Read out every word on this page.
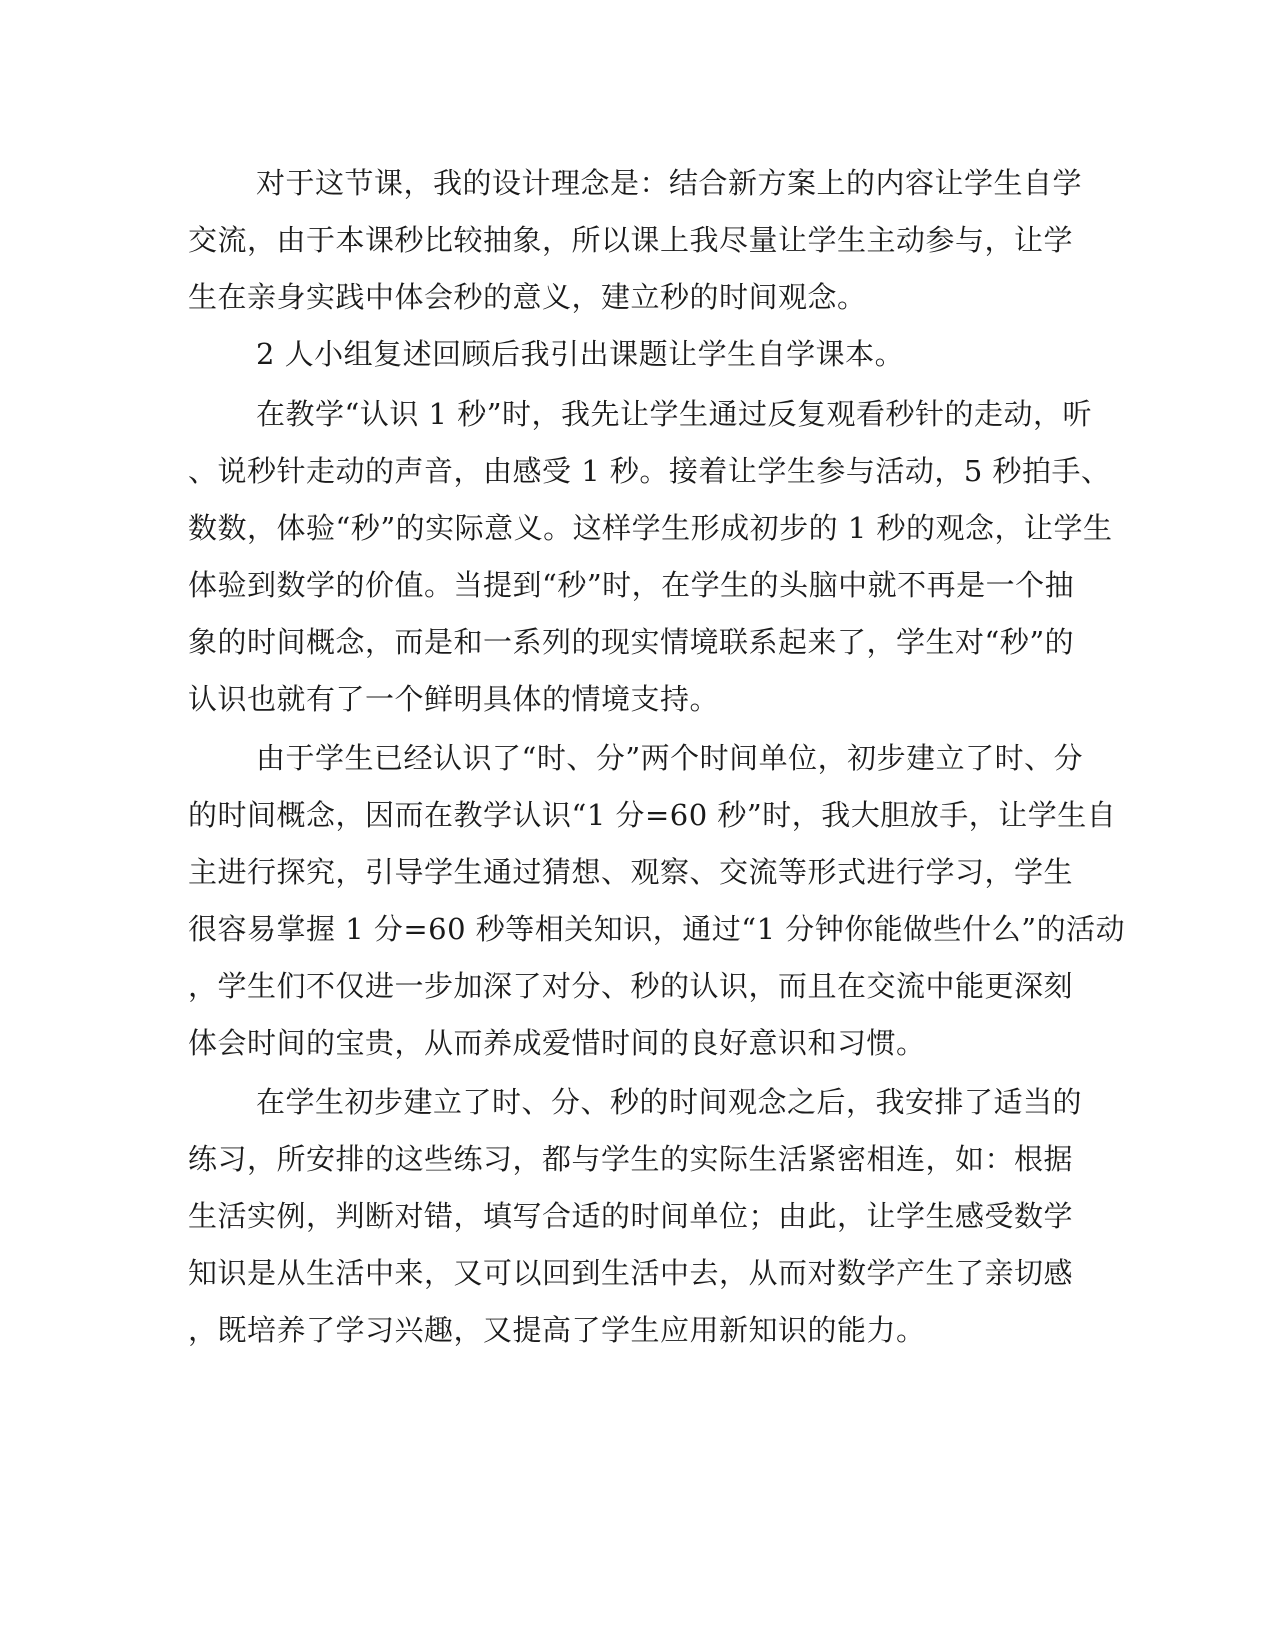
对于这节课，我的设计理念是：结合新方案上的内容让学生自学
交流，由于本课秒比较抽象，所以课上我尽量让学生主动参与，让学
生在亲身实践中体会秒的意义，建立秒的时间观念。
2 人小组复述回顾后我引出课题让学生自学课本。
在教学“认识 1 秒”时，我先让学生通过反复观看秒针的走动，听
、说秒针走动的声音，由感受 1 秒。接着让学生参与活动，5 秒拍手、
数数，体验“秒”的实际意义。这样学生形成初步的 1 秒的观念，让学生
体验到数学的价值。当提到“秒”时，在学生的头脑中就不再是一个抽
象的时间概念，而是和一系列的现实情境联系起来了，学生对“秒”的
认识也就有了一个鲜明具体的情境支持。
由于学生已经认识了“时、分”两个时间单位，初步建立了时、分
的时间概念，因而在教学认识“1 分=60 秒”时，我大胆放手，让学生自
主进行探究，引导学生通过猜想、观察、交流等形式进行学习，学生
很容易掌握 1 分=60 秒等相关知识，通过“1 分钟你能做些什么”的活动
，学生们不仅进一步加深了对分、秒的认识，而且在交流中能更深刻
体会时间的宝贵，从而养成爱惜时间的良好意识和习惯。
在学生初步建立了时、分、秒的时间观念之后，我安排了适当的
练习，所安排的这些练习，都与学生的实际生活紧密相连，如：根据
生活实例，判断对错，填写合适的时间单位；由此，让学生感受数学
知识是从生活中来，又可以回到生活中去，从而对数学产生了亲切感
，既培养了学习兴趣，又提高了学生应用新知识的能力。
